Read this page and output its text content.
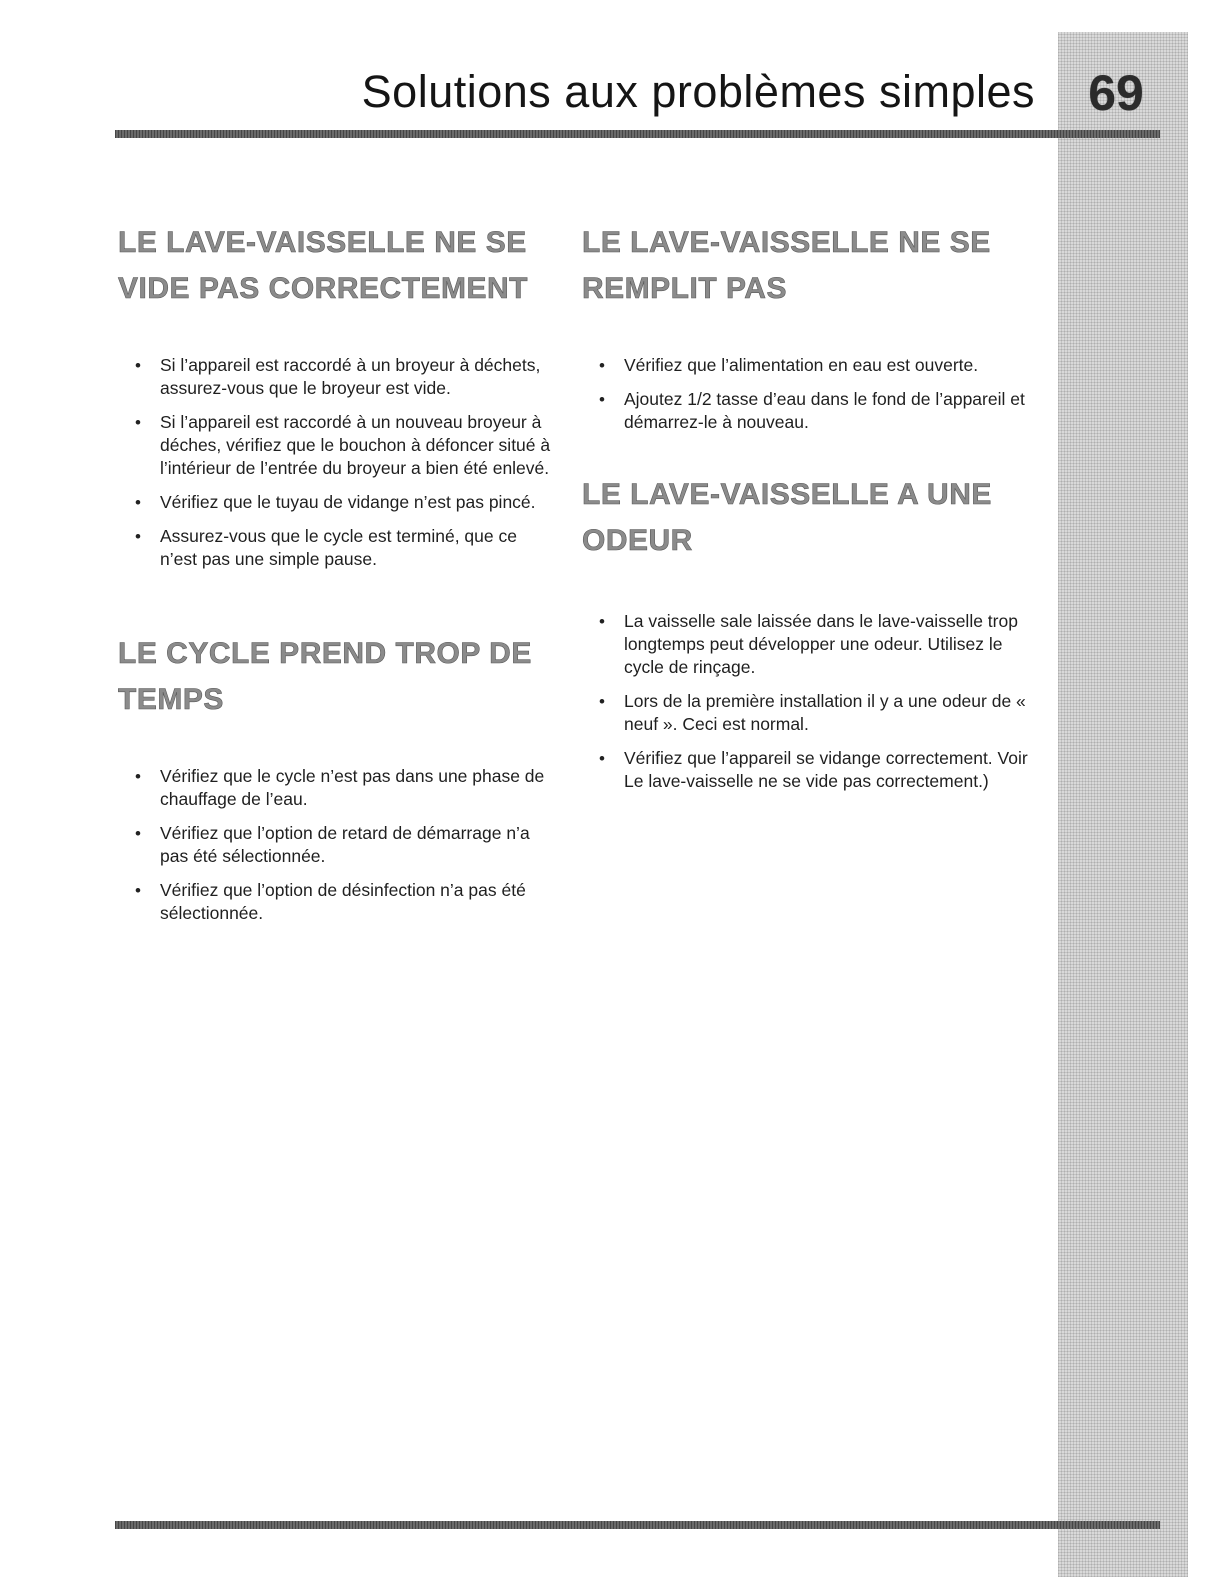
Solutions aux problèmes simples	69
LE LAVE-VAISSELLE NE SE
VIDE PAS CORRECTEMENT
• Si l’appareil est raccordé à un broyeur à déchets, assurez-vous que le broyeur est vide.
• Si l’appareil est raccordé à un nouveau broyeur à déches, vérifiez que le bouchon à défoncer situé à l’intérieur de l’entrée du broyeur a bien été enlevé.
• Vérifiez que le tuyau de vidange n’est pas pincé.
• Assurez-vous que le cycle est terminé, que ce n’est pas une simple pause.
LE CYCLE PREND TROP DE
TEMPS
• Vérifiez que le cycle n’est pas dans une phase de chauffage de l’eau.
• Vérifiez que l’option de retard de démarrage n’a pas été sélectionnée.
• Vérifiez que l’option de désinfection n’a pas été sélectionnée.
LE LAVE-VAISSELLE NE SE
REMPLIT PAS
• Vérifiez que l’alimentation en eau est ouverte.
• Ajoutez 1/2 tasse d’eau dans le fond de l’appareil et démarrez-le à nouveau.
LE LAVE-VAISSELLE A UNE
ODEUR
• La vaisselle sale laissée dans le lave-vaisselle trop longtemps peut développer une odeur. Utilisez le cycle de rinçage.
• Lors de la première installation il y a une odeur de « neuf ». Ceci est normal.
• Vérifiez que l’appareil se vidange correctement. Voir Le lave-vaisselle ne se vide pas correctement.)
